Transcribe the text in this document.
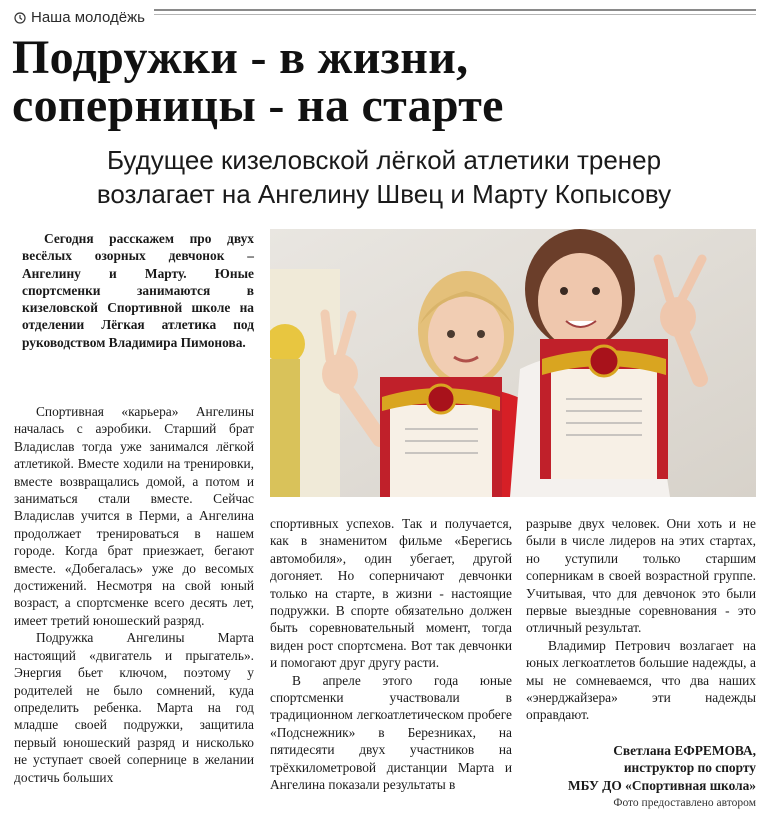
Наша молодёжь
Подружки - в жизни,
соперницы - на старте
Будущее кизеловской лёгкой атлетики тренер
возлагает на Ангелину Швец и Марту Копысову

Сегодня расскажем про двух весёлых озорных девчонок – Ангелину и Марту. Юные спортсменки занимаются в кизеловской Спортивной школе на отделении Лёгкая атлетика под руководством Владимира Пимонова.

Спортивная «карьера» Ангелины началась с аэробики. Старший брат Владислав тогда уже занимался лёгкой атлетикой. Вместе ходили на тренировки, вместе возвращались домой, а потом и заниматься стали вместе. Сейчас Владислав учится в Перми, а Ангелина продолжает тренироваться в нашем городе. Когда брат приезжает, бегают вместе. «Добегалась» уже до весомых достижений. Несмотря на свой юный возраст, а спортсменке всего десять лет, имеет третий юношеский разряд.

Подружка Ангелины Марта настоящий «двигатель и прыгатель». Энергия бьет ключом, поэтому у родителей не было сомнений, куда определить ребенка. Марта на год младше своей подружки, защитила первый юношеский разряд и нисколько не уступает своей сопернице в желании достичь больших

спортивных успехов. Так и получается, как в знаменитом фильме «Берегись автомобиля», один убегает, другой догоняет. Но соперничают девчонки только на старте, в жизни - настоящие подружки. В спорте обязательно должен быть соревновательный момент, тогда виден рост спортсмена. Вот так девчонки и помогают друг другу расти.

В апреле этого года юные спортсменки участвовали в традиционном легкоатлетическом пробеге «Подснежник» в Березниках, на пятидесяти двух участников на трёхкилометровой дистанции Марта и Ангелина показали результаты в

разрыве двух человек. Они хоть и не были в числе лидеров на этих стартах, но уступили только старшим соперникам в своей возрастной группе. Учитывая, что для девчонок это были первые выездные соревнования - это отличный результат.

Владимир Петрович возлагает на юных легкоатлетов большие надежды, а мы не сомневаемся, что два наших «энерджайзера» эти надежды оправдают.

Светлана ЕФРЕМОВА,
инструктор по спорту
МБУ ДО «Спортивная школа»
Фото предоставлено автором
